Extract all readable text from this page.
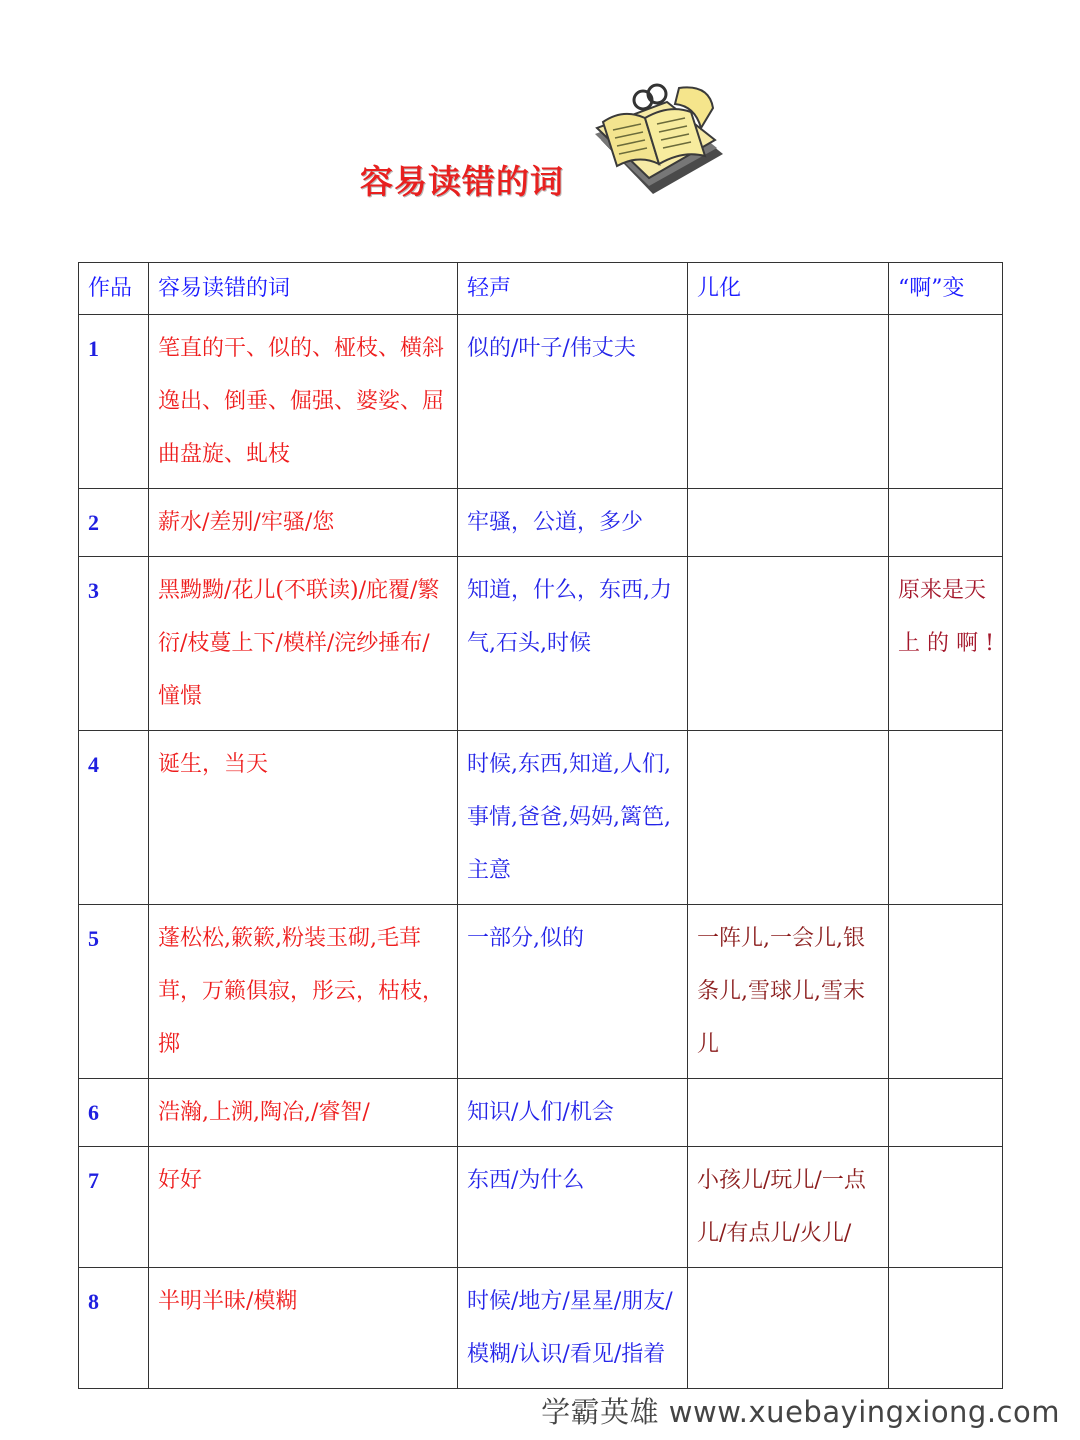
容易读错的词
作品	容易读错的词	轻声	儿化	“啊”变
1	笔直的干、似的、桠枝、横斜逸出、倒垂、倔强、婆娑、屈曲盘旋、虬枝	似的/叶子/伟丈夫		
2	薪水/差别/牢骚/您	牢骚，公道，多少		
3	黑黝黝/花儿(不联读)/庇覆/繁衍/枝蔓上下/模样/浣纱捶布/憧憬	知道，什么，东西,力气,石头,时候		原来是天上的啊!
4	诞生，当天	时候,东西,知道,人们,事情,爸爸,妈妈,篱笆,主意		
5	蓬松松,簌簌,粉装玉砌,毛茸茸，万籁俱寂，彤云，枯枝，掷	一部分,似的	一阵儿,一会儿,银条儿,雪球儿,雪末儿	
6	浩瀚,上溯,陶冶,/睿智/	知识/人们/机会		
7	好好	东西/为什么	小孩儿/玩儿/一点儿/有点儿/火儿/	
8	半明半昧/模糊	时候/地方/星星/朋友/模糊/认识/看见/指着		
学霸英雄 www.xuebayingxiong.com
